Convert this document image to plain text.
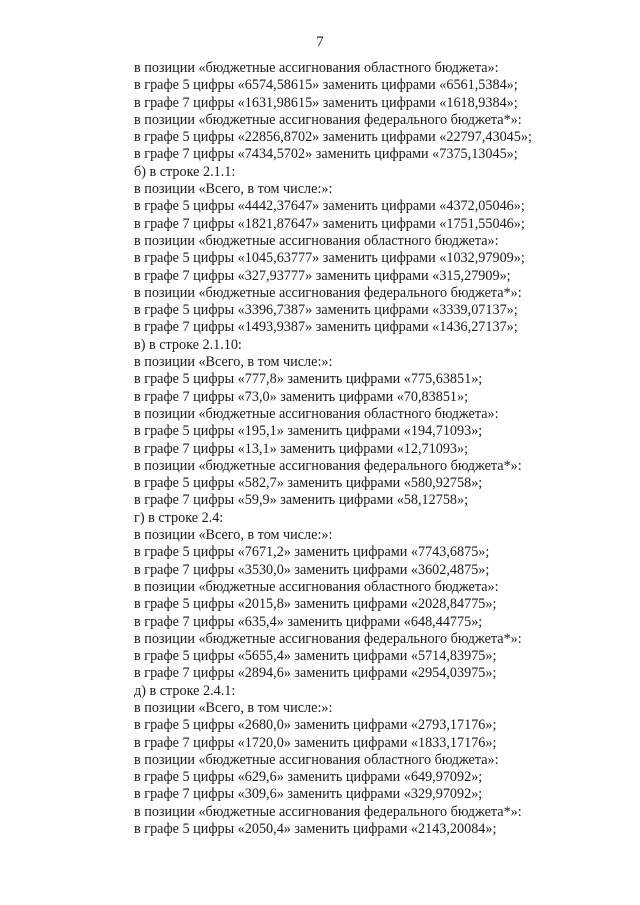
7
в позиции «бюджетные ассигнования областного бюджета»:
в графе 5 цифры «6574,58615» заменить цифрами «6561,5384»;
в графе 7 цифры «1631,98615» заменить цифрами «1618,9384»;
в позиции «бюджетные ассигнования федерального бюджета*»:
в графе 5 цифры «22856,8702» заменить цифрами «22797,43045»;
в графе 7 цифры «7434,5702» заменить цифрами «7375,13045»;
б) в строке 2.1.1:
в позиции «Всего, в том числе:»:
в графе 5 цифры «4442,37647» заменить цифрами «4372,05046»;
в графе 7 цифры «1821,87647» заменить цифрами «1751,55046»;
в позиции «бюджетные ассигнования областного бюджета»:
в графе 5 цифры «1045,63777» заменить цифрами «1032,97909»;
в графе 7 цифры «327,93777» заменить цифрами «315,27909»;
в позиции «бюджетные ассигнования федерального бюджета*»:
в графе 5 цифры «3396,7387» заменить цифрами «3339,07137»;
в графе 7 цифры «1493,9387» заменить цифрами «1436,27137»;
в) в строке 2.1.10:
в позиции «Всего, в том числе:»:
в графе 5 цифры «777,8» заменить цифрами «775,63851»;
в графе 7 цифры «73,0» заменить цифрами «70,83851»;
в позиции «бюджетные ассигнования областного бюджета»:
в графе 5 цифры «195,1» заменить цифрами «194,71093»;
в графе 7 цифры «13,1» заменить цифрами «12,71093»;
в позиции «бюджетные ассигнования федерального бюджета*»:
в графе 5 цифры «582,7» заменить цифрами «580,92758»;
в графе 7 цифры «59,9» заменить цифрами «58,12758»;
г) в строке 2.4:
в позиции «Всего, в том числе:»:
в графе 5 цифры «7671,2» заменить цифрами «7743,6875»;
в графе 7 цифры «3530,0» заменить цифрами «3602,4875»;
в позиции «бюджетные ассигнования областного бюджета»:
в графе 5 цифры «2015,8» заменить цифрами «2028,84775»;
в графе 7 цифры «635,4» заменить цифрами «648,44775»;
в позиции «бюджетные ассигнования федерального бюджета*»:
в графе 5 цифры «5655,4» заменить цифрами «5714,83975»;
в графе 7 цифры «2894,6» заменить цифрами «2954,03975»;
д) в строке 2.4.1:
в позиции «Всего, в том числе:»:
в графе 5 цифры «2680,0» заменить цифрами «2793,17176»;
в графе 7 цифры «1720,0» заменить цифрами «1833,17176»;
в позиции «бюджетные ассигнования областного бюджета»:
в графе 5 цифры «629,6» заменить цифрами «649,97092»;
в графе 7 цифры «309,6» заменить цифрами «329,97092»;
в позиции «бюджетные ассигнования федерального бюджета*»:
в графе 5 цифры «2050,4» заменить цифрами «2143,20084»;
